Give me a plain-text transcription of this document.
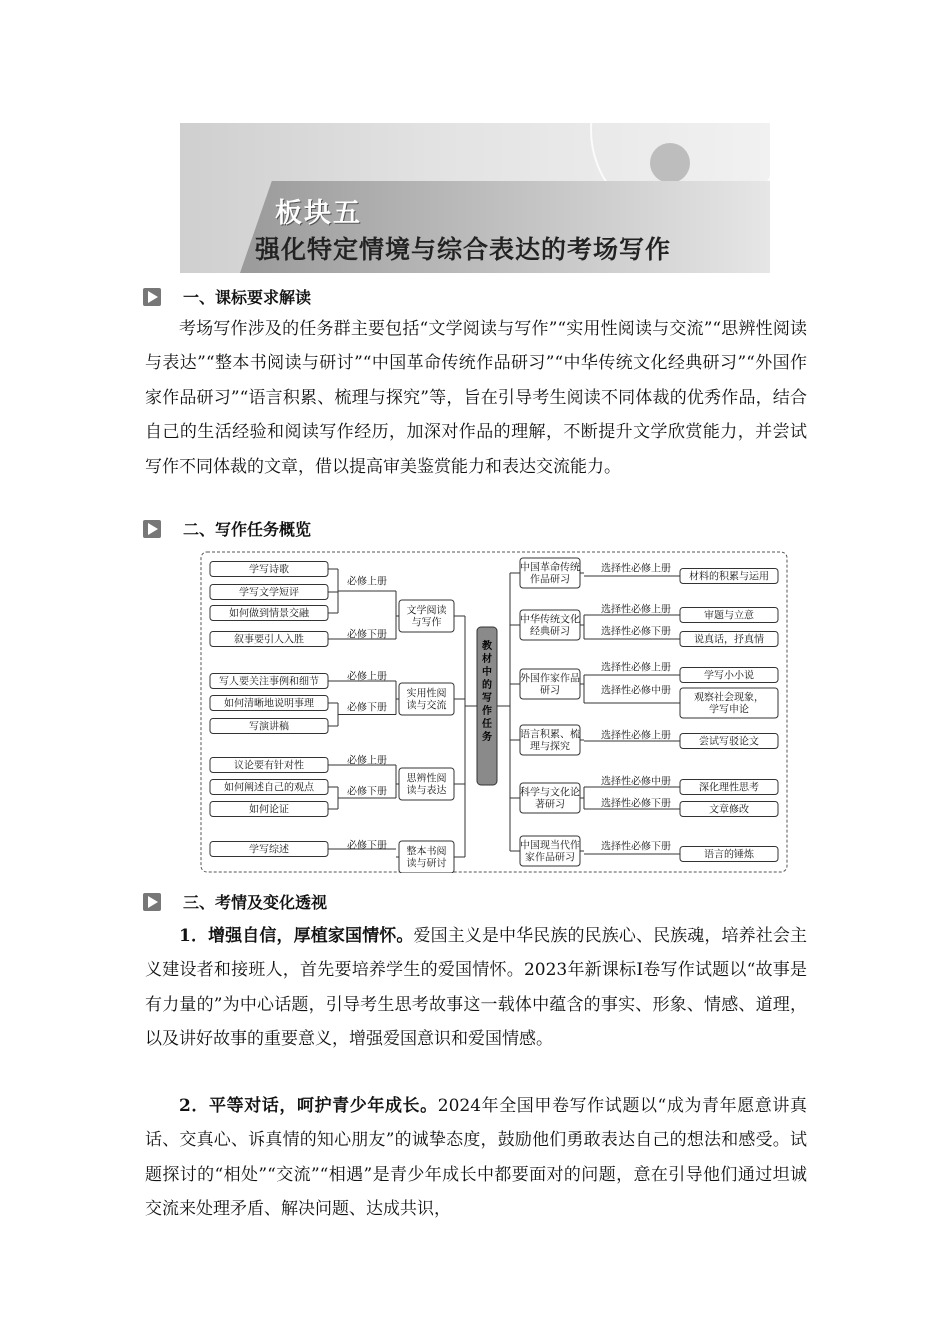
板块五
强化特定情境与综合表达的考场写作
一、课标要求解读

考场写作涉及的任务群主要包括“文学阅读与写作”“实用性阅读与交流”“思辨性阅读与表达”“整本书阅读与研讨”“中国革命传统作品研习”“中华传统文化经典研习”“外国作家作品研习”“语言积累、梳理与探究”等，旨在引导考生阅读不同体裁的优秀作品，结合自己的生活经验和阅读写作经历，加深对作品的理解，不断提升文学欣赏能力，并尝试写作不同体裁的文章，借以提高审美鉴赏能力和表达交流能力。

二、写作任务概览
教材中的写作任务
学写诗歌
学写文学短评
如何做到情景交融
必修上册
叙事要引人入胜	必修下册
文学阅读与写作
写人要关注事例和细节	必修上册
如何清晰地说明事理
写演讲稿
必修下册
实用性阅读与交流
议论要有针对性	必修上册
如何阐述自己的观点
如何论证
必修下册
思辨性阅读与表达
学写综述	必修下册
整本书阅读与研讨
中国革命传统作品研习
选择性必修上册
材料的积累与运用
中华传统文化经典研习
选择性必修上册
审题与立意
选择性必修下册
说真话，抒真情
外国作家作品研习
选择性必修上册
学写小小说
选择性必修中册
观察社会现象，学写申论
语言积累、梳理与探究
选择性必修上册
尝试写驳论文
科学与文化论著研习
选择性必修中册
深化理性思考
选择性必修下册
文章修改
中国现当代作家作品研习
选择性必修下册
语言的锤炼
三、考情及变化透视

1．增强自信，厚植家国情怀。爱国主义是中华民族的民族心、民族魂，培养社会主义建设者和接班人，首先要培养学生的爱国情怀。2023年新课标Ⅰ卷写作试题以“故事是有力量的”为中心话题，引导考生思考故事这一载体中蕴含的事实、形象、情感、道理，以及讲好故事的重要意义，增强爱国意识和爱国情感。

2．平等对话，呵护青少年成长。2024年全国甲卷写作试题以“成为青年愿意讲真话、交真心、诉真情的知心朋友”的诚挚态度，鼓励他们勇敢表达自己的想法和感受。试题探讨的“相处”“交流”“相遇”是青少年成长中都要面对的问题，意在引导他们通过坦诚交流来处理矛盾、解决问题、达成共识，
